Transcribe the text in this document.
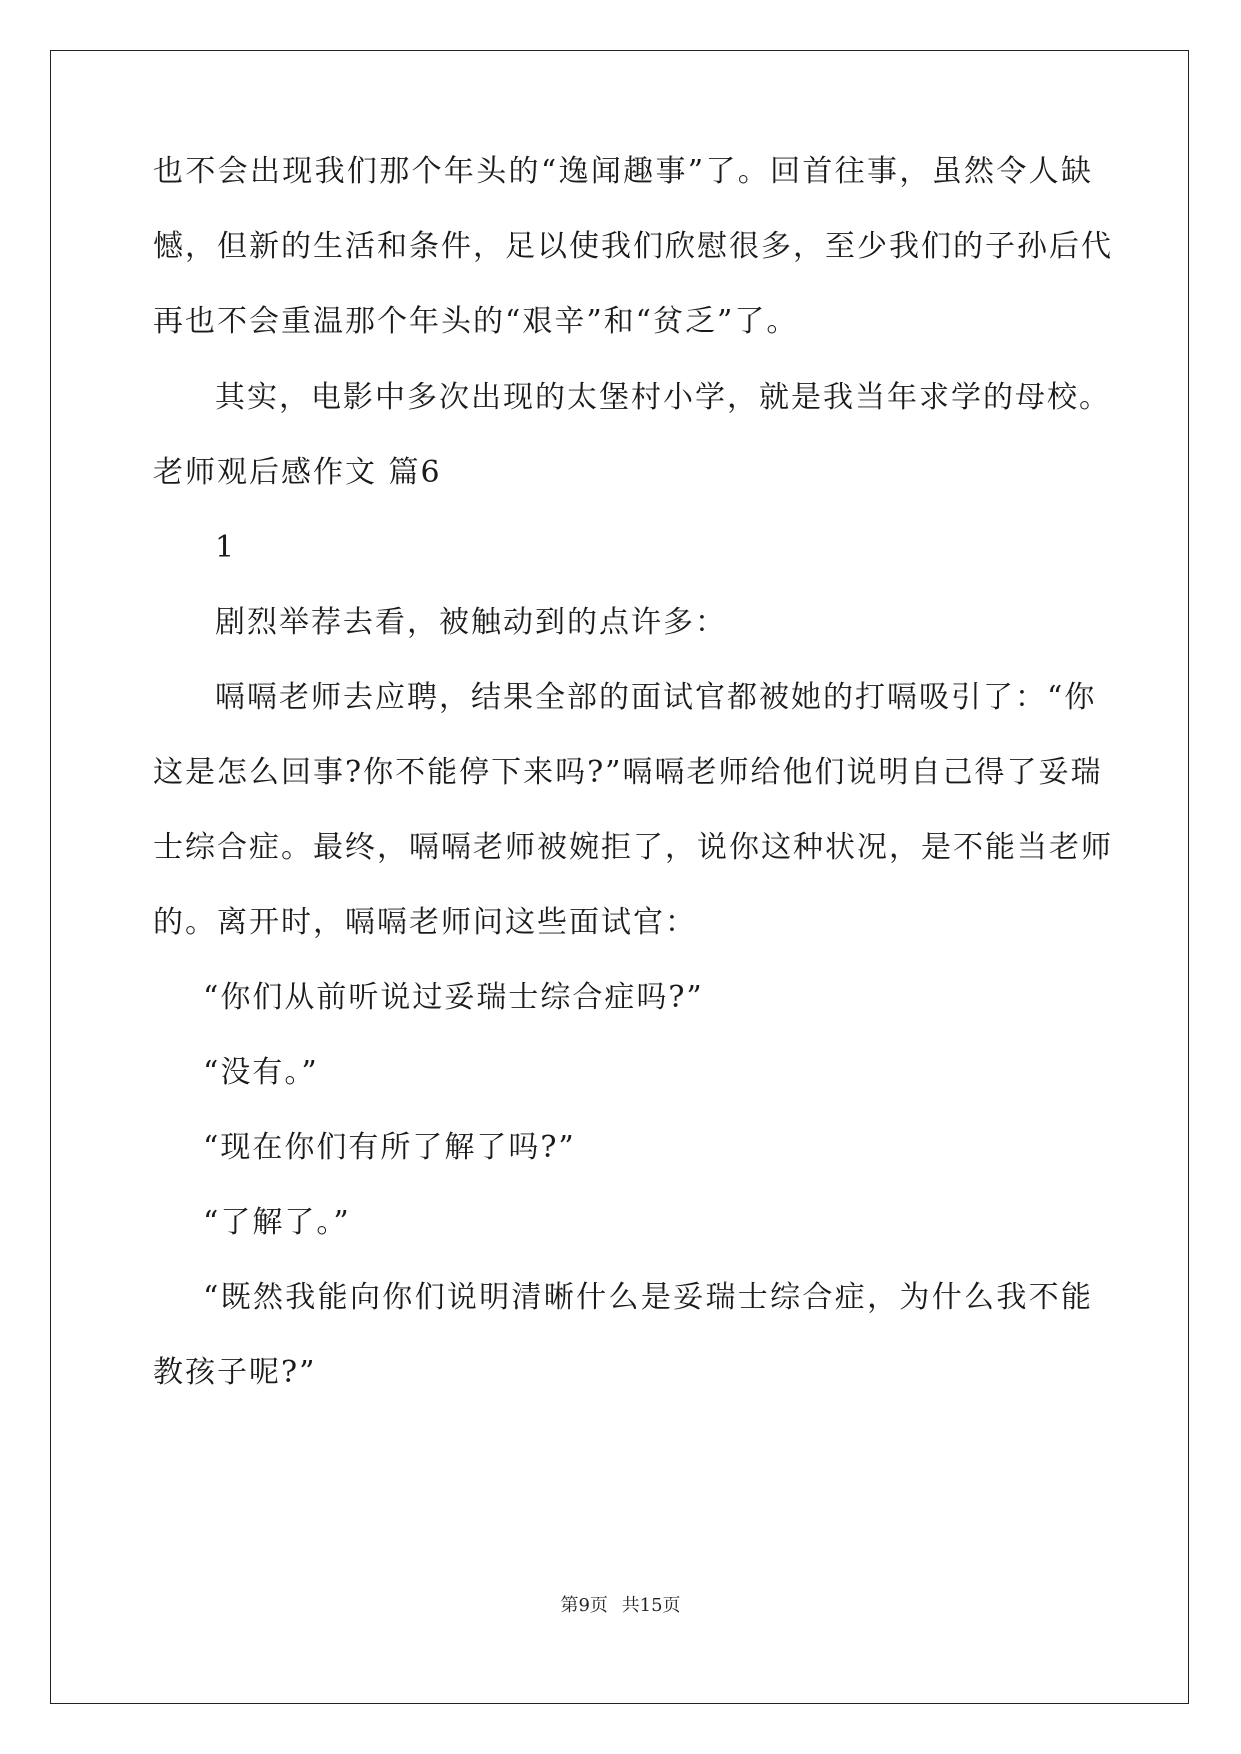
也不会出现我们那个年头的“逸闻趣事”了。回首往事，虽然令人缺
憾，但新的生活和条件，足以使我们欣慰很多，至少我们的子孙后代
再也不会重温那个年头的“艰辛”和“贫乏”了。
其实，电影中多次出现的太堡村小学，就是我当年求学的母校。
老师观后感作文 篇6
1
剧烈举荐去看，被触动到的点许多：
嗝嗝老师去应聘，结果全部的面试官都被她的打嗝吸引了：“你
这是怎么回事?你不能停下来吗?”嗝嗝老师给他们说明自己得了妥瑞
士综合症。最终，嗝嗝老师被婉拒了，说你这种状况，是不能当老师
的。离开时，嗝嗝老师问这些面试官：
“你们从前听说过妥瑞士综合症吗?”
“没有。”
“现在你们有所了解了吗?”
“了解了。”
“既然我能向你们说明清晰什么是妥瑞士综合症，为什么我不能
教孩子呢?”
第9页 共15页
